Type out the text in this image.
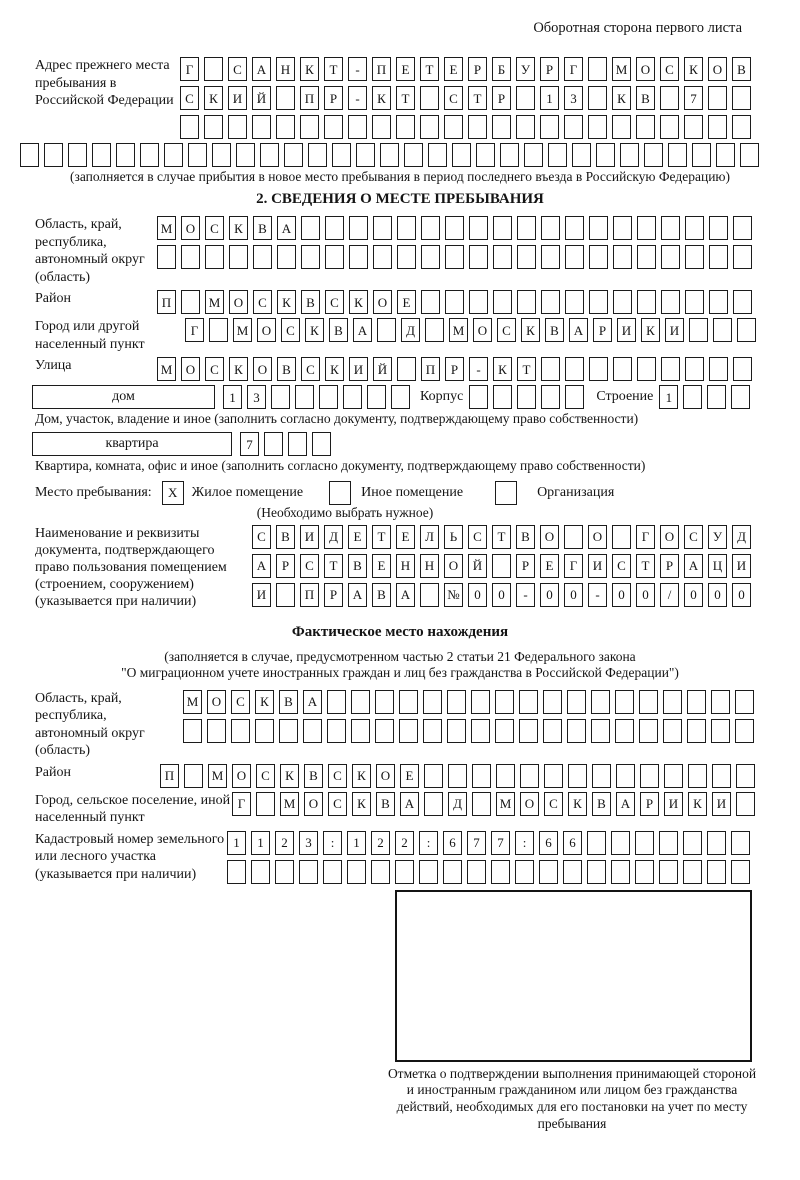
Оборотная сторона первого листа
Адрес прежнего места пребывания в Российской Федерации
Г	С	А	Н	К	Т	-	П	Е	Т	Е	Р	Б	У	Р	Г	М	О	С	К	О	В
С	К	И	Й	П	Р	-	К	Т	С	Т	Р	1	3	К	В	7
(заполняется в случае прибытия в новое место пребывания в период последнего въезда в Российскую Федерацию)
2. СВЕДЕНИЯ О МЕСТЕ ПРЕБЫВАНИЯ
Область, край, республика, автономный округ (область)
М	О	С	К	В	А
Район	П	М	О	С	К	В	С	К	О	Е
Город или другой населенный пункт
Г	М	О	С	К	В	А	Д	М	О	С	К	В	А	Р	И	К	И
Улица	М	О	С	К	О	В	С	К	И	Й	П	Р	-	К	Т
дом	1	3	Корпус	Строение 1
Дом, участок, владение и иное (заполнить согласно документу, подтверждающему право собственности)
квартира	7
Квартира, комната, офис и иное (заполнить согласно документу, подтверждающему право собственности)
Место пребывания:	X	Жилое помещение	Иное помещение	Организация
(Необходимо выбрать нужное)
Наименование и реквизиты документа, подтверждающего право пользования помещением (строением, сооружением) (указывается при наличии)
С	В	И	Д	Е	Т	Е	Л	Ь	С	Т	В	О	О	Г	О	С	У	Д
А	Р	С	Т	В	Е	Н	Н	О	Й	Р	Е	Г	И	С	Т	Р	А	Ц	И
И	П	Р	А	В	А	№	0	0	-	0	0	-	0	0	/	0	0	0
Фактическое место нахождения
(заполняется в случае, предусмотренном частью 2 статьи 21 Федерального закона
"О миграционном учете иностранных граждан и лиц без гражданства в Российской Федерации")
Область, край, республика, автономный округ (область)
М	О	С	К	В	А
Район	П	М	О	С	К	В	С	К	О	Е
Город, сельское поселение, иной населенный пункт
Г	М	О	С	К	В	А	Д	М	О	С	К	В	А	Р	И	К	И
Кадастровый номер земельного или лесного участка (указывается при наличии)
1	1	2	3	:	1	2	2	:	6	7	7	:	6	6
Отметка о подтверждении выполнения принимающей стороной и иностранным гражданином или лицом без гражданства действий, необходимых для его постановки на учет по месту пребывания
